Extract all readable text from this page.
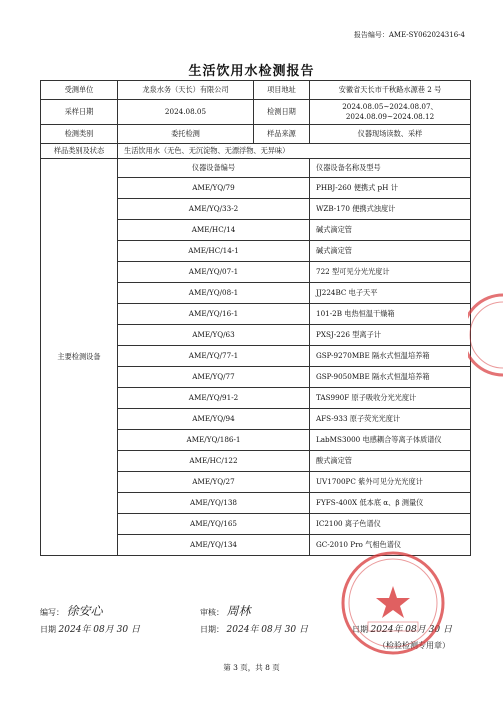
报告编号：AME-SY062024316-4
生活饮用水检测报告
受测单位	龙泉水务（天长）有限公司	项目地址	安徽省天长市千秋路水源巷 2 号
采样日期	2024.08.05	检测日期	2024.08.05~2024.08.07、
2024.08.09~2024.08.12

检测类别	委托检测	样品来源	仪器现场读数、采样
样品类别及状态	生活饮用水（无色、无沉淀物、无漂浮物、无异味）		
主要检测设备	仪器设备编号		仪器设备名称及型号
	AME/YQ/79		PHBJ-260 便携式 pH 计
	AME/YQ/33-2		WZB-170 便携式浊度计
	AME/HC/14		碱式滴定管
	AME/HC/14-1		碱式滴定管
	AME/YQ/07-1		722 型可见分光光度计
	AME/YQ/08-1		JJ224BC 电子天平
	AME/YQ/16-1		101-2B 电热恒温干燥箱
	AME/YQ/63		PXSJ-226 型离子计
	AME/YQ/77-1		GSP-9270MBE 隔水式恒温培养箱
	AME/YQ/77		GSP-9050MBE 隔水式恒温培养箱
	AME/YQ/91-2		TAS990F 原子吸收分光光度计
	AME/YQ/94		AFS-933 原子荧光光度计
	AME/YQ/186-1		LabMS3000 电感耦合等离子体质谱仪
	AME/HC/122		酸式滴定管
	AME/YQ/27		UV1700PC 紫外可见分光光度计
	AME/YQ/138		FYFS-400X 低本底 α、β 测量仪
	AME/YQ/165		IC2100 离子色谱仪
	AME/YQ/134		GC-2010 Pro 气相色谱仪
编写： 徐安心
日期 2024年 08月 30 日
审核： 周林
日期： 2024年 08月 30 日	日期 2024年 08月 30 日
（检验检测专用章）
第 3 页，共 8 页
